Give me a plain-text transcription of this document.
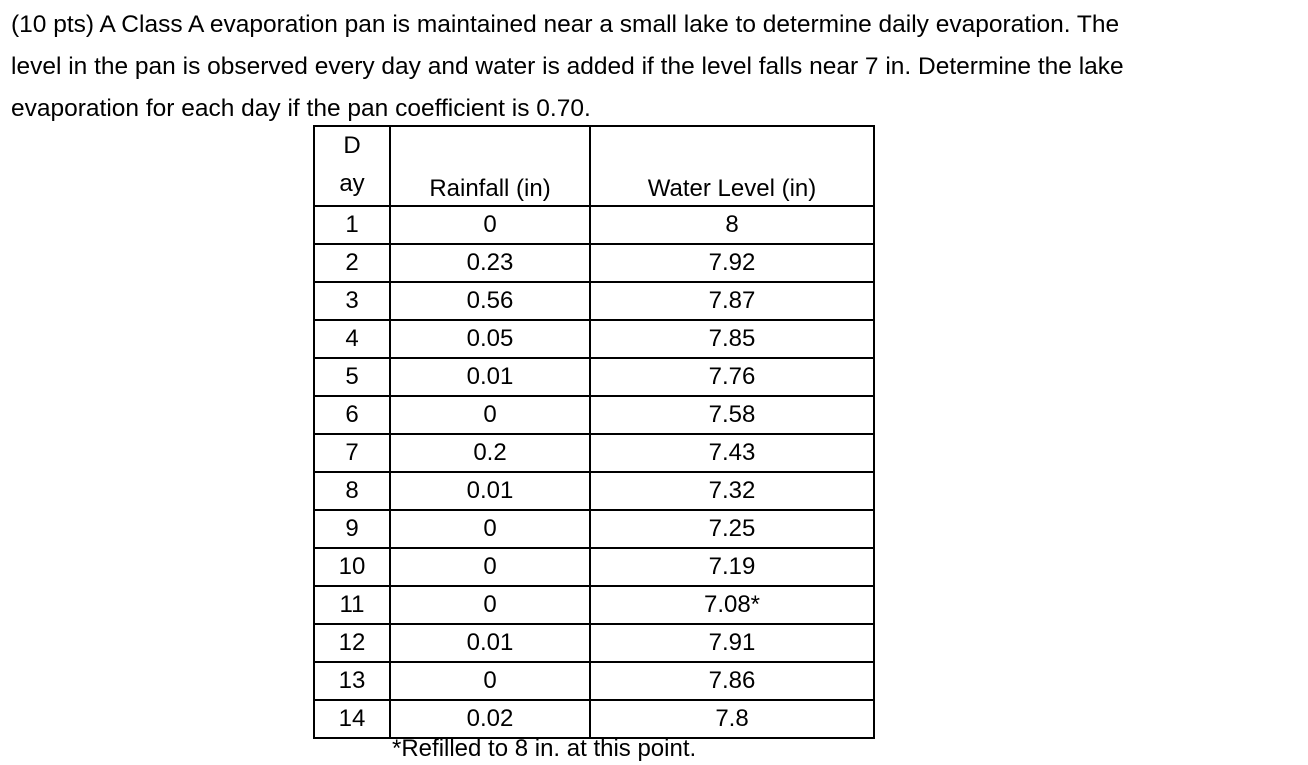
(10 pts) A Class A evaporation pan is maintained near a small lake to determine daily evaporation. The
level in the pan is observed every day and water is added if the level falls near 7 in. Determine the lake
evaporation for each day if the pan coefficient is 0.70.
Day	Rainfall (in)	Water Level (in)
1	0	8
2	0.23	7.92
3	0.56	7.87
4	0.05	7.85
5	0.01	7.76
6	0	7.58
7	0.2	7.43
8	0.01	7.32
9	0	7.25
10	0	7.19
11	0	7.08*
12	0.01	7.91
13	0	7.86
14	0.02	7.8

*Refilled to 8 in. at this point.
